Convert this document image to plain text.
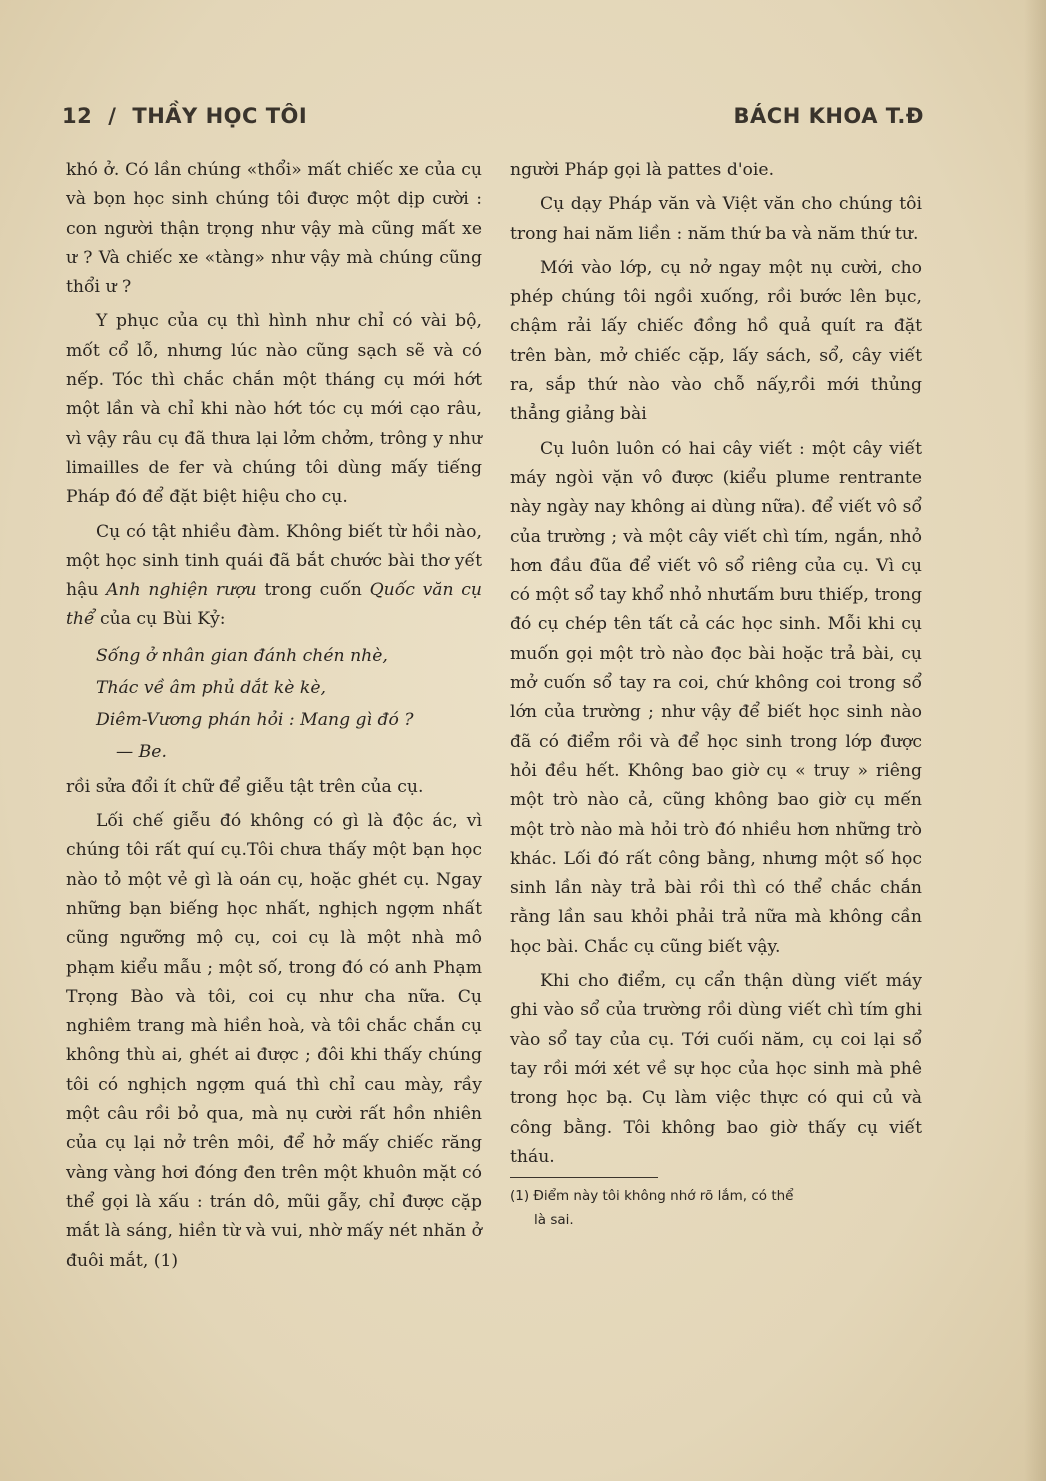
12 / THẦY HỌC TÔI	BÁCH KHOA T.Đ

khó ở. Có lần chúng «thổi» mất chiếc xe của cụ và bọn học sinh chúng tôi được một dịp cười : con người thận trọng như vậy mà cũng mất xe ư ? Và chiếc xe «tàng» như vậy mà chúng cũng thổi ư ?

Y phục của cụ thì hình như chỉ có vài bộ, mốt cổ lỗ, nhưng lúc nào cũng sạch sẽ và có nếp. Tóc thì chắc chắn một tháng cụ mới hớt một lần và chỉ khi nào hớt tóc cụ mới cạo râu, vì vậy râu cụ đã thưa lại lởm chởm, trông y như limailles de fer và chúng tôi dùng mấy tiếng Pháp đó để đặt biệt hiệu cho cụ.

Cụ có tật nhiều đàm. Không biết từ hồi nào, một học sinh tinh quái đã bắt chước bài thơ yết hậu Anh nghiện rượu trong cuốn Quốc văn cụ thể của cụ Bùi Kỷ:

Sống ở nhân gian đánh chén nhè,
Thác về âm phủ dắt kè kè,
Diêm-Vương phán hỏi : Mang gì đó ?
— Be.

rồi sửa đổi ít chữ để giễu tật trên của cụ.

Lối chế giễu đó không có gì là độc ác, vì chúng tôi rất quí cụ.Tôi chưa thấy một bạn học nào tỏ một vẻ gì là oán cụ, hoặc ghét cụ. Ngay những bạn biếng học nhất, nghịch ngợm nhất cũng ngưỡng mộ cụ, coi cụ là một nhà mô phạm kiểu mẫu ; một số, trong đó có anh Phạm Trọng Bào và tôi, coi cụ như cha nữa. Cụ nghiêm trang mà hiền hoà, và tôi chắc chắn cụ không thù ai, ghét ai được ; đôi khi thấy chúng tôi có nghịch ngợm quá thì chỉ cau mày, rầy một câu rồi bỏ qua, mà nụ cười rất hồn nhiên của cụ lại nở trên môi, để hở mấy chiếc răng vàng vàng hơi đóng đen trên một khuôn mặt có thể gọi là xấu : trán dô, mũi gẫy, chỉ được cặp mắt là sáng, hiền từ và vui, nhờ mấy nét nhăn ở đuôi mắt, (1)

người Pháp gọi là pattes d'oie.

Cụ dạy Pháp văn và Việt văn cho chúng tôi trong hai năm liền : năm thứ ba và năm thứ tư.

Mới vào lớp, cụ nở ngay một nụ cười, cho phép chúng tôi ngồi xuống, rồi bước lên bục, chậm rải lấy chiếc đồng hồ quả quít ra đặt trên bàn, mở chiếc cặp, lấy sách, sổ, cây viết ra, sắp thứ nào vào chỗ nấy,rồi mới thủng thẳng giảng bài

Cụ luôn luôn có hai cây viết : một cây viết máy ngòi vặn vô được (kiểu plume rentrante này ngày nay không ai dùng nữa). để viết vô sổ của trường ; và một cây viết chì tím, ngắn, nhỏ hơn đầu đũa để viết vô sổ riêng của cụ. Vì cụ có một sổ tay khổ nhỏ nhưtấm bưu thiếp, trong đó cụ chép tên tất cả các học sinh. Mỗi khi cụ muốn gọi một trò nào đọc bài hoặc trả bài, cụ mở cuốn sổ tay ra coi, chứ không coi trong sổ lớn của trường ; như vậy để biết học sinh nào đã có điểm rồi và để học sinh trong lớp được hỏi đều hết. Không bao giờ cụ « truy » riêng một trò nào cả, cũng không bao giờ cụ mến một trò nào mà hỏi trò đó nhiều hơn những trò khác. Lối đó rất công bằng, nhưng một số học sinh lần này trả bài rồi thì có thể chắc chắn rằng lần sau khỏi phải trả nữa mà không cần học bài. Chắc cụ cũng biết vậy.

Khi cho điểm, cụ cẩn thận dùng viết máy ghi vào sổ của trường rồi dùng viết chì tím ghi vào sổ tay của cụ. Tới cuối năm, cụ coi lại sổ tay rồi mới xét về sự học của học sinh mà phê trong học bạ. Cụ làm việc thực có qui củ và công bằng. Tôi không bao giờ thấy cụ viết tháu.

(1) Điểm này tôi không nhớ rõ lắm, có thể
là sai.
